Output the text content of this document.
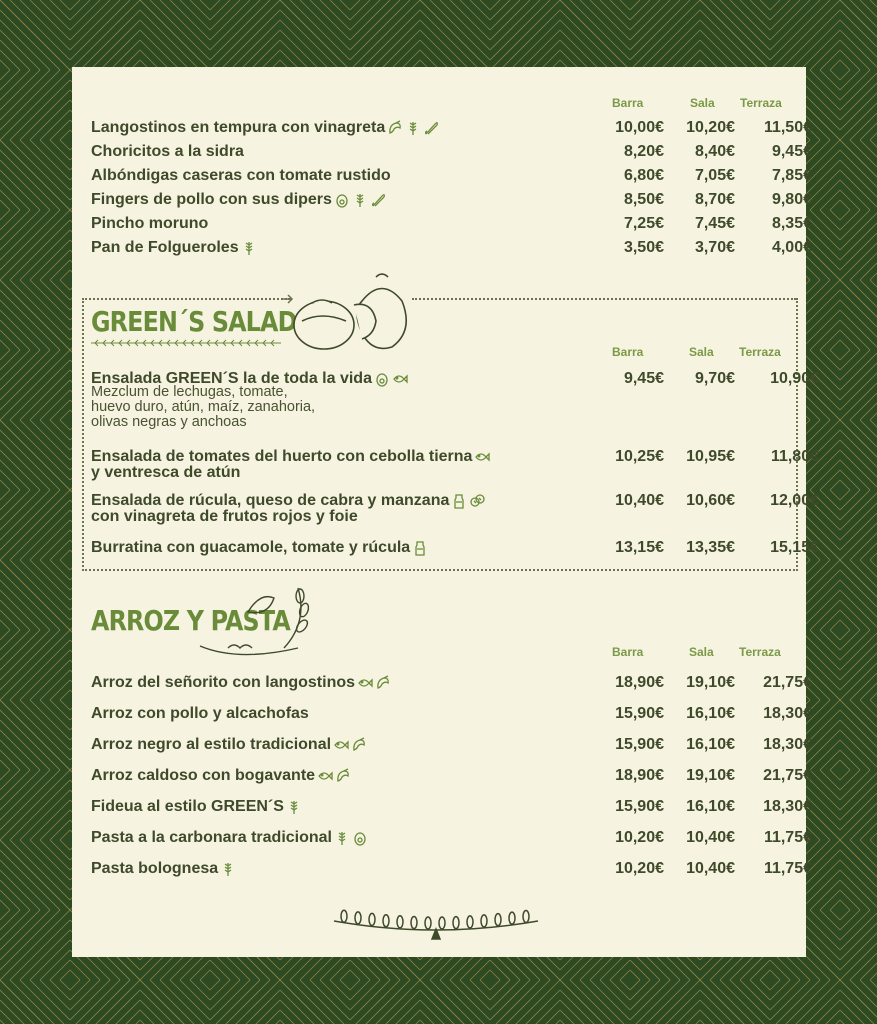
Barra	Sala Terraza
Langostinos en tempura con vinagreta	10,00€ 10,20€ 11,50€
Choricitos a la sidra	8,20€ 8,40€ 9,45€
Albóndigas caseras con tomate rustido	6,80€ 7,05€ 7,85€
Fingers de pollo con sus dipers	8,50€ 8,70€ 9,80€
Pincho moruno	7,25€ 7,45€ 8,35€
Pan de Folgueroles	3,50€ 3,70€ 4,00€
GREEN´S SALADS
Barra	Sala Terraza
Ensalada GREEN´S la de toda la vida	9,45€ 9,70€ 10,90€
Mezclum de lechugas, tomate,
huevo duro, atún, maíz, zanahoria,
olivas negras y anchoas
Ensalada de tomates del huerto con cebolla tierna	10,25€ 10,95€ 11,80€
y ventresca de atún
Ensalada de rúcula, queso de cabra y manzana	10,40€ 10,60€ 12,00€
con vinagreta de frutos rojos y foie
Burratina con guacamole, tomate y rúcula	13,15€ 13,35€ 15,15€
ARROZ Y PASTA
Barra	Sala Terraza
Arroz del señorito con langostinos	18,90€ 19,10€ 21,75€
Arroz con pollo y alcachofas	15,90€ 16,10€ 18,30€
Arroz negro al estilo tradicional	15,90€ 16,10€ 18,30€
Arroz caldoso con bogavante	18,90€ 19,10€ 21,75€
Fideua al estilo GREEN´S	15,90€ 16,10€ 18,30€
Pasta a la carbonara tradicional	10,20€ 10,40€ 11,75€
Pasta bolognesa	10,20€ 10,40€ 11,75€
